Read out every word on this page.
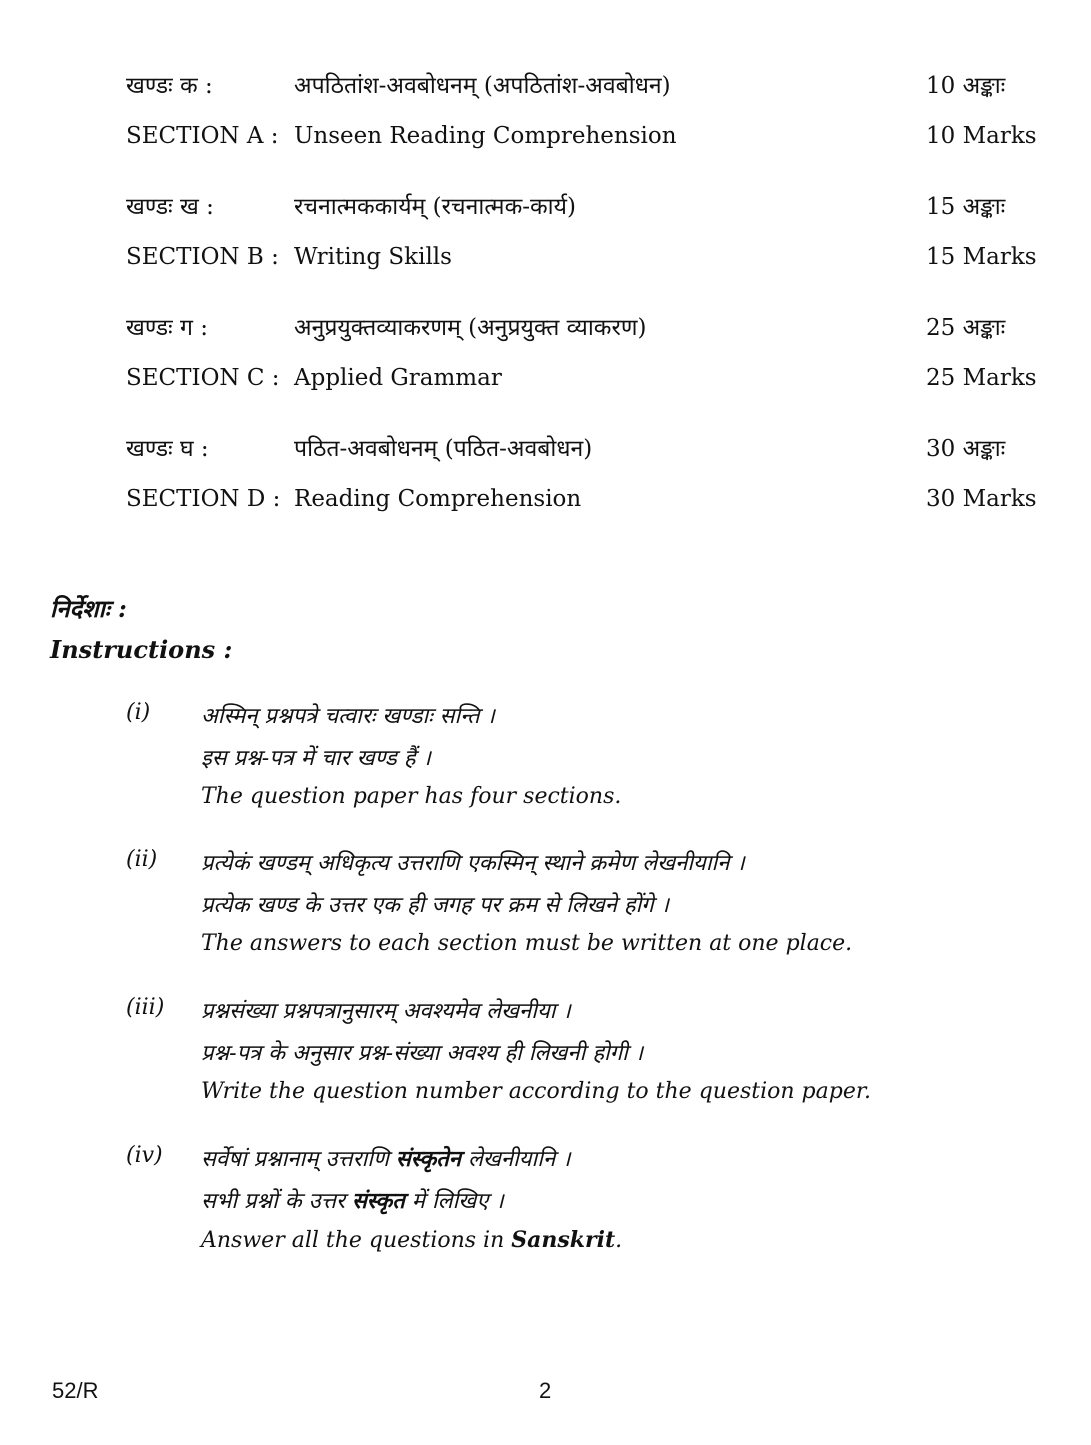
खण्डः क :	अपठितांश-अवबोधनम् (अपठितांश-अवबोधन)	10 अङ्काः
SECTION A : Unseen Reading Comprehension	10 Marks
खण्डः ख :	रचनात्मककार्यम् (रचनात्मक-कार्य)	15 अङ्काः
SECTION B : Writing Skills	15 Marks
खण्डः ग :	अनुप्रयुक्तव्याकरणम् (अनुप्रयुक्त व्याकरण)	25 अङ्काः
SECTION C : Applied Grammar	25 Marks
खण्डः घ :	पठित-अवबोधनम् (पठित-अवबोधन)	30 अङ्काः
SECTION D : Reading Comprehension	30 Marks
निर्देशाः :
Instructions :
(i) अस्मिन् प्रश्नपत्रे चत्वारः खण्डाः सन्ति ।
इस प्रश्न-पत्र में चार खण्ड हैं ।
The question paper has four sections.
(ii) प्रत्येकं खण्डम् अधिकृत्य उत्तराणि एकस्मिन् स्थाने क्रमेण लेखनीयानि ।
प्रत्येक खण्ड के उत्तर एक ही जगह पर क्रम से लिखने होंगे ।
The answers to each section must be written at one place.
(iii) प्रश्नसंख्या प्रश्नपत्रानुसारम् अवश्यमेव लेखनीया ।
प्रश्न-पत्र के अनुसार प्रश्न-संख्या अवश्य ही लिखनी होगी ।
Write the question number according to the question paper.
(iv) सर्वेषां प्रश्नानाम् उत्तराणि संस्कृतेन लेखनीयानि ।
सभी प्रश्नों के उत्तर संस्कृत में लिखिए ।
Answer all the questions in Sanskrit.
52/R	2
